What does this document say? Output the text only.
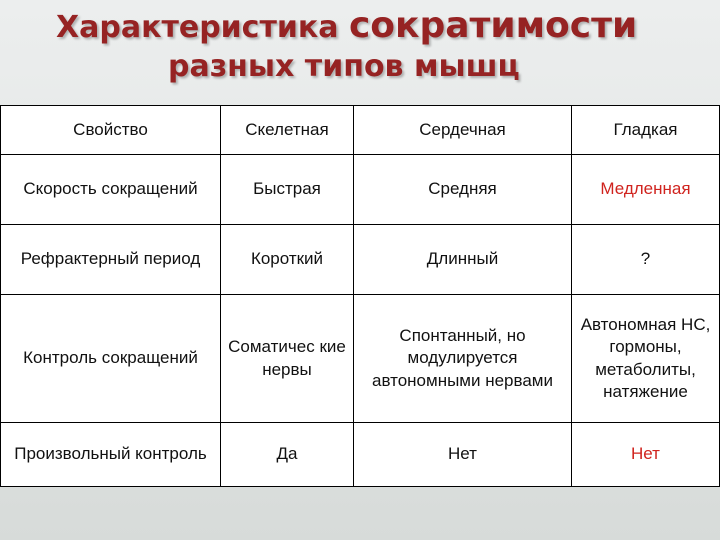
Характеристика сократимости
разных типов мышц
Свойство	Скелетная	Сердечная	Гладкая
Скорость сокращений	Быстрая	Средняя	Медленная
Рефрактерный период	Короткий	Длинный	?
Контроль сокращений	Соматичес кие нервы	Спонтанный, но модулируется автономными нервами	Автономная НС, гормоны, метаболиты, натяжение
Произвольный контроль	Да	Нет	Нет
